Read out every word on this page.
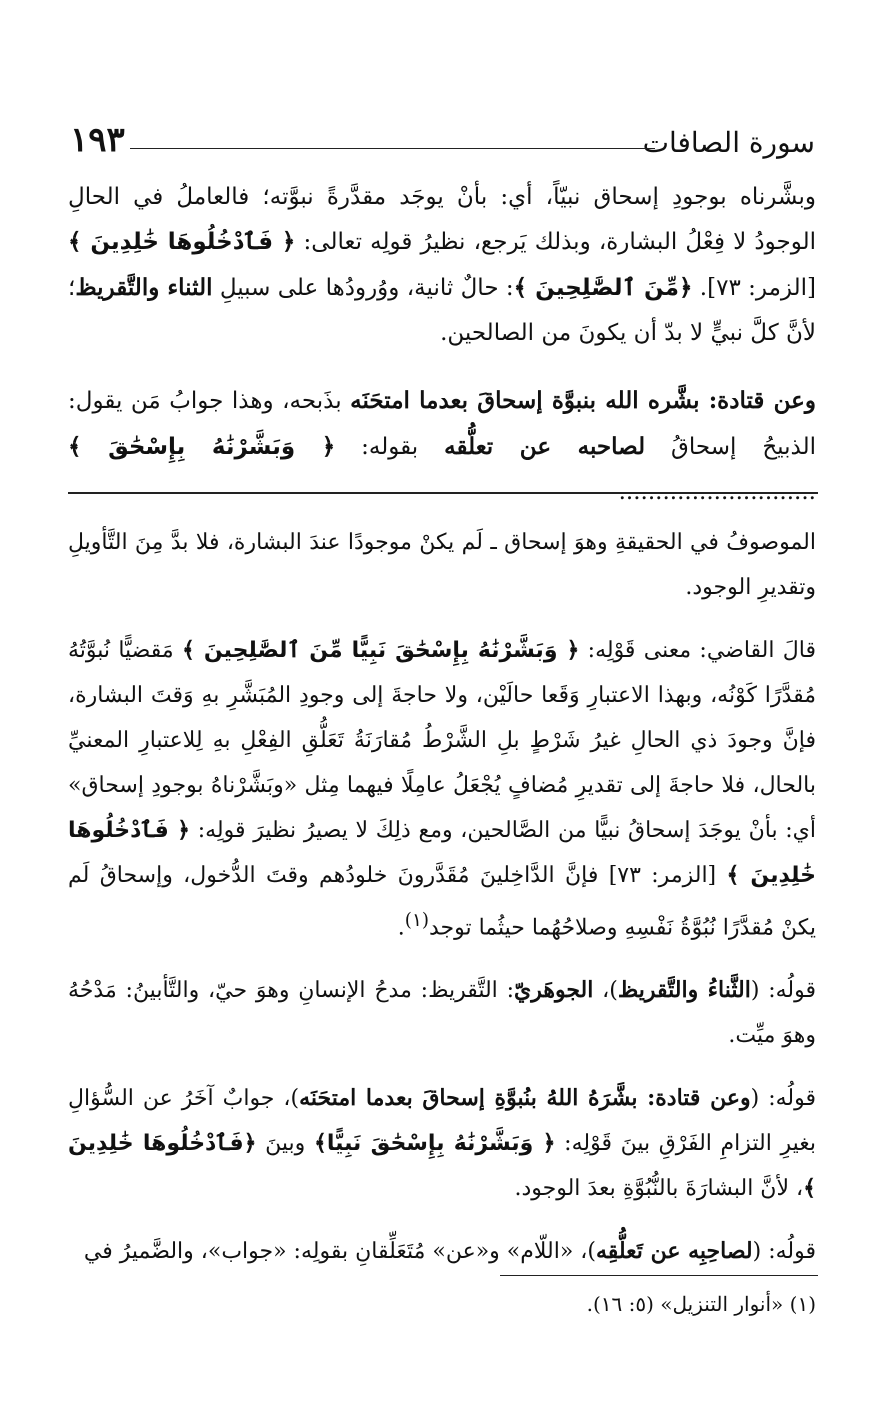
سورة الصافات
١٩٣

وبشَّرناه بوجودِ إسحاق نبيّاً، أي: بأنْ يوجَد مقدَّرةً نبوَّته؛ فالعاملُ في الحالِ الوجودُ لا فِعْلُ البشارة، وبذلك يَرجع، نظيرُ قولِه تعالى: ﴿ فَٱدْخُلُوهَا خَٰلِدِينَ ﴾ [الزمر: ٧٣]. ﴿مِّنَ ٱلصَّٰلِحِينَ ﴾: حالٌ ثانية، ووُرودُها على سبيلِ الثناء والتَّقريظ؛ لأنَّ كلَّ نبيٍّ لا بدّ أن يكونَ من الصالحين.

وعن قتادة: بشَّره الله بنبوَّة إسحاقَ بعدما امتحَنَه بذَبحه، وهذا جوابُ مَن يقول: الذبيحُ إسحاقُ لصاحبه عن تعلُّقه بقوله: ﴿ وَبَشَّرْنَٰهُ بِإِسْحَٰقَ ﴾ ...........................

الموصوفُ في الحقيقةِ وهوَ إسحاق ـ لَم يكنْ موجودًا عندَ البشارة، فلا بدَّ مِنَ التَّأويلِ وتقديرِ الوجود.

قالَ القاضي: معنى قَوْلِه: ﴿ وَبَشَّرْنَٰهُ بِإِسْحَٰقَ نَبِيًّا مِّنَ ٱلصَّٰلِحِينَ ﴾ مَقضيًّا نُبوَّتُهُ مُقدَّرًا كَوْنُه، وبهذا الاعتبارِ وَقَعا حالَيْن، ولا حاجةَ إلى وجودِ المُبَشَّرِ بهِ وَقتَ البشارة، فإنَّ وجودَ ذي الحالِ غيرُ شَرْطٍ بلِ الشَّرْطُ مُقارَنَةُ تَعَلُّقِ الفِعْلِ بهِ لِلاعتبارِ المعنيِّ بالحال، فلا حاجةَ إلى تقديرِ مُضافٍ يُجْعَلُ عامِلًا فيهما مِثل «وبَشَّرْناهُ بوجودِ إسحاق» أي: بأنْ يوجَدَ إسحاقُ نبيًّا من الصَّالحين، ومع ذلِكَ لا يصيرُ نظيرَ قولِه: ﴿ فَٱدْخُلُوهَا خَٰلِدِينَ ﴾ [الزمر: ٧٣] فإنَّ الدَّاخِلينَ مُقَدَّرونَ خلودُهم وقتَ الدُّخول، وإسحاقُ لَم يكنْ مُقدَّرًا نُبُوَّةُ نَفْسِهِ وصلاحُهُما حيثُما توجد$^{(١)}$.

قولُه: (الثَّناءُ والتَّقريظ)، الجوهَريّ: التَّقريظ: مدحُ الإنسانِ وهوَ حيّ، والتَّأبينُ: مَدْحُهُ وهوَ ميِّت.

قولُه: (وعن قتادة: بشَّرَهُ اللهُ بنُبوَّةِ إسحاقَ بعدما امتحَنَه)، جوابٌ آخَرُ عن السُّؤالِ بغيرِ التزامِ الفَرْقِ بينَ قَوْلِه: ﴿ وَبَشَّرْنَٰهُ بِإِسْحَٰقَ نَبِيًّا﴾ وبينَ ﴿فَٱدْخُلُوهَا خَٰلِدِينَ ﴾، لأنَّ البشارَةَ بالنُّبُوَّةِ بعدَ الوجود.

قولُه: (لصاحِبِه عن تَعلُّقِه)، «اللّام» و«عن» مُتَعَلِّقانِ بقولِه: «جواب»، والضَّميرُ في

(١) «أنوار التنزيل» (٥: ١٦).
